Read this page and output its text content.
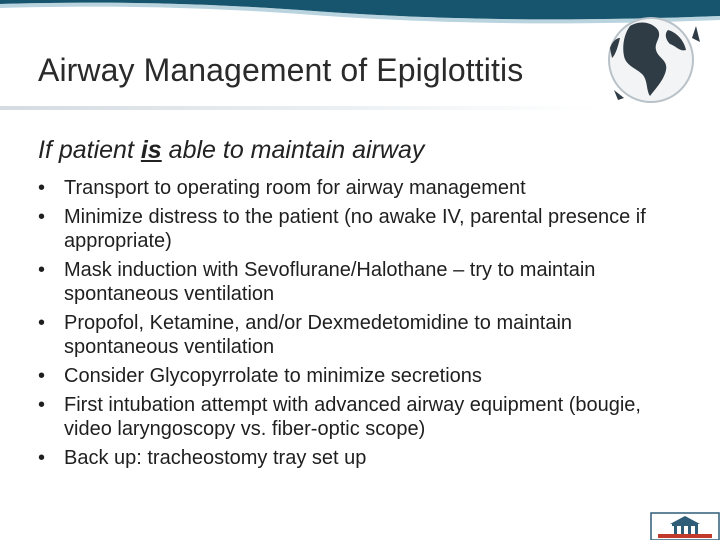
Airway Management of Epiglottitis
If patient is able to maintain airway
• Transport to operating room for airway management
• Minimize distress to the patient (no awake IV, parental presence if appropriate)
• Mask induction with Sevoflurane/Halothane – try to maintain spontaneous ventilation
• Propofol, Ketamine, and/or Dexmedetomidine to maintain spontaneous ventilation
• Consider Glycopyrrolate to minimize secretions
• First intubation attempt with advanced airway equipment (bougie, video laryngoscopy vs. fiber-optic scope)
• Back up: tracheostomy tray set up
